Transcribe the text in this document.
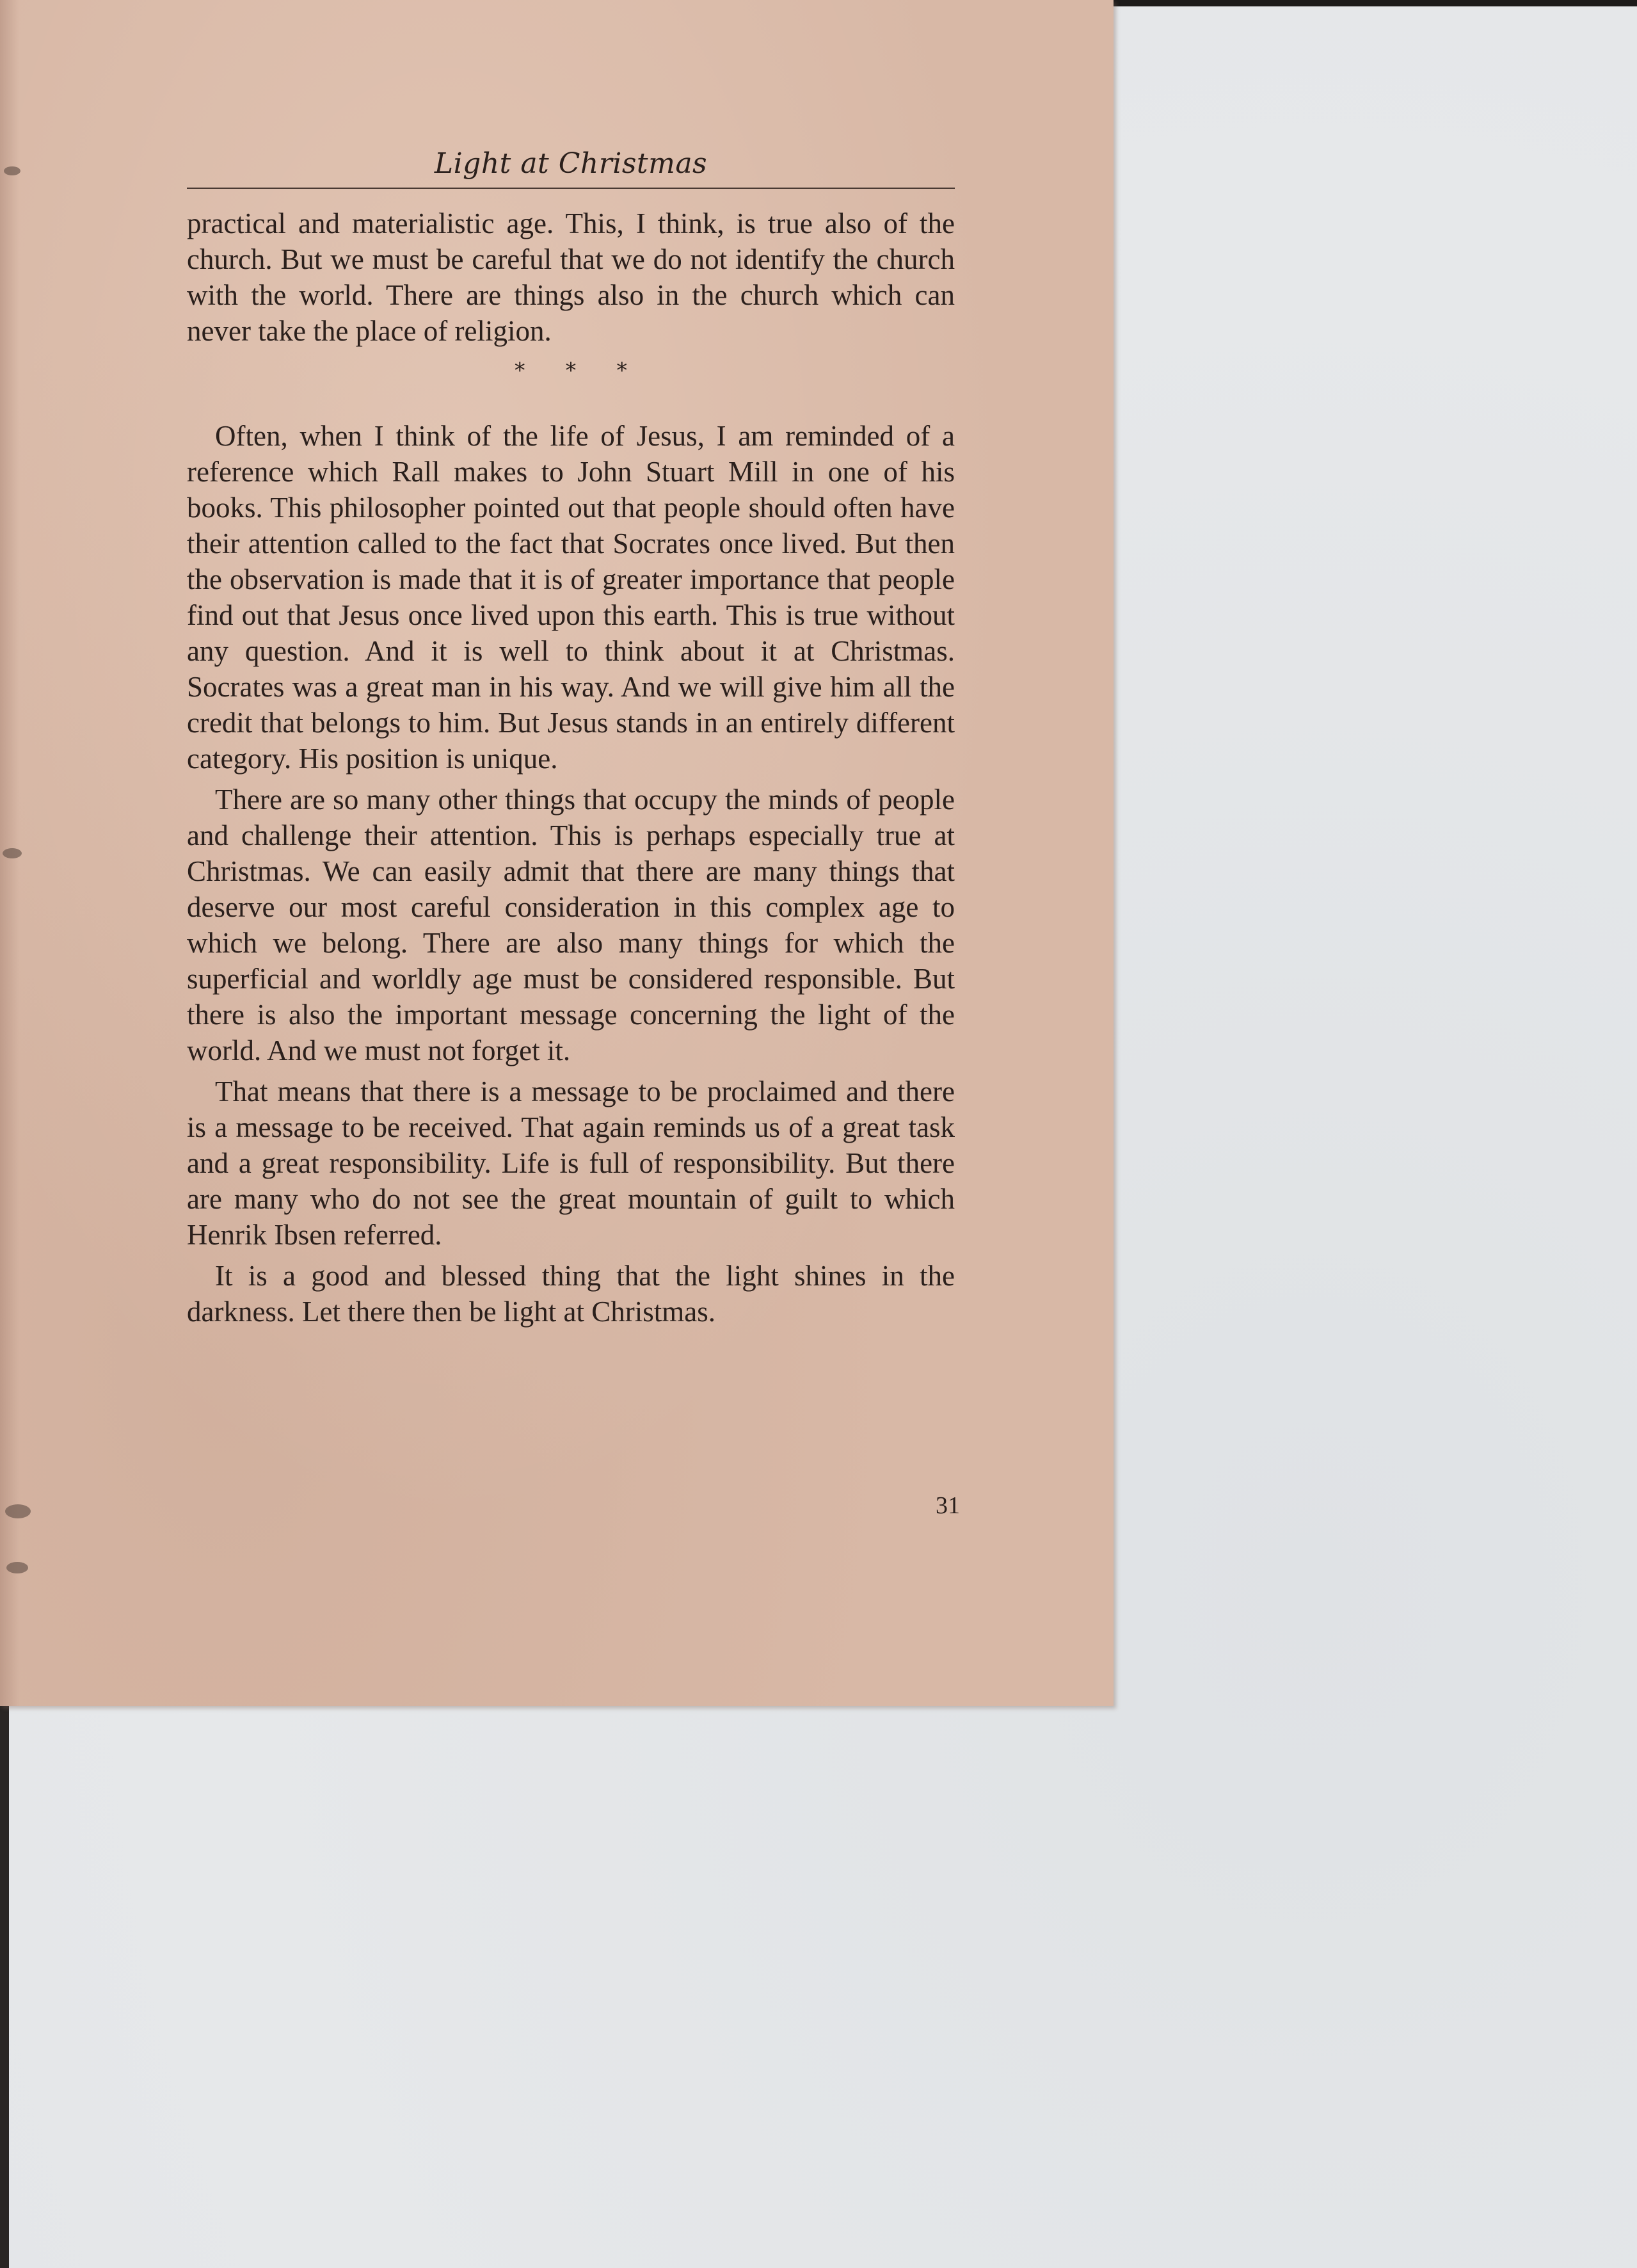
Light at Christmas

practical and materialistic age. This, I think, is true also of the church. But we must be careful that we do not identify the church with the world. There are things also in the church which can never take the place of religion.

* * *

Often, when I think of the life of Jesus, I am reminded of a reference which Rall makes to John Stuart Mill in one of his books. This philosopher pointed out that people should often have their attention called to the fact that Socrates once lived. But then the observation is made that it is of greater importance that people find out that Jesus once lived upon this earth. This is true without any question. And it is well to think about it at Christmas. Socrates was a great man in his way. And we will give him all the credit that belongs to him. But Jesus stands in an entirely different category. His position is unique.

There are so many other things that occupy the minds of people and challenge their attention. This is perhaps especially true at Christmas. We can easily admit that there are many things that deserve our most careful consideration in this complex age to which we belong. There are also many things for which the superficial and worldly age must be considered responsible. But there is also the important message concerning the light of the world. And we must not forget it.

That means that there is a message to be proclaimed and there is a message to be received. That again reminds us of a great task and a great responsibility. Life is full of responsibility. But there are many who do not see the great mountain of guilt to which Henrik Ibsen referred.

It is a good and blessed thing that the light shines in the darkness. Let there then be light at Christmas.

31
